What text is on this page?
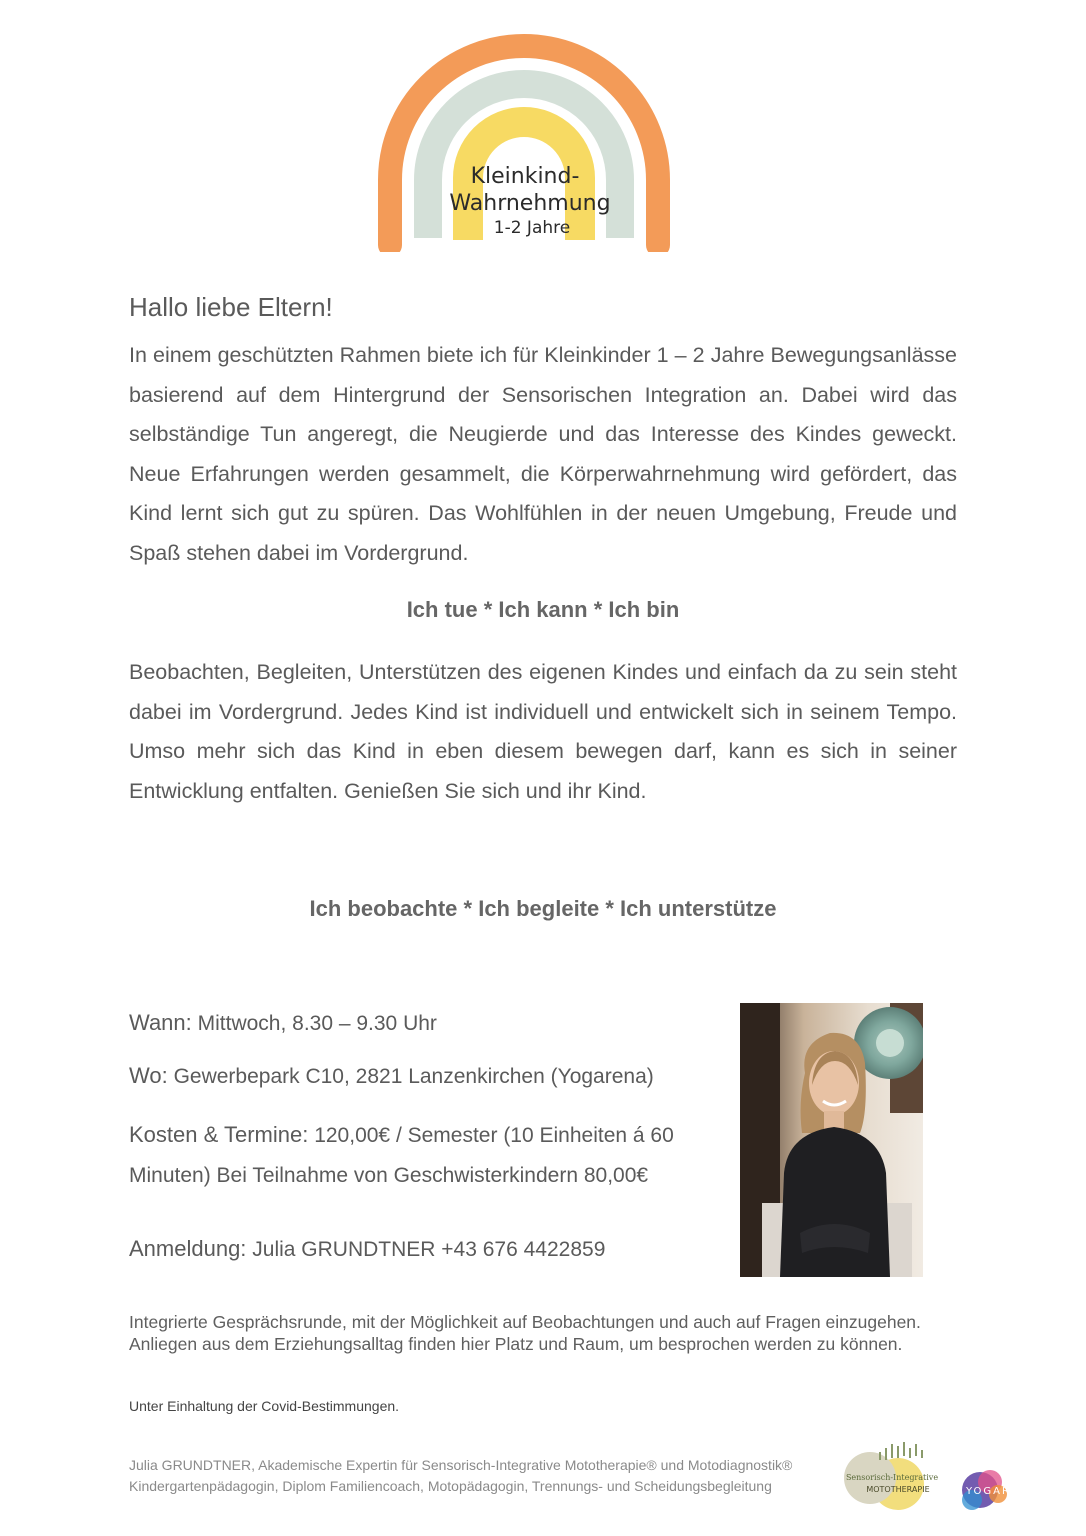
Kleinkind-
Wahrnehmung
1-2 Jahre
Hallo liebe Eltern!

In einem geschützten Rahmen biete ich für Kleinkinder 1 – 2 Jahre Bewegungsanlässe basierend auf dem Hintergrund der Sensorischen Integration an. Dabei wird das selbständige Tun angeregt, die Neugierde und das Interesse des Kindes geweckt. Neue Erfahrungen werden gesammelt, die Körperwahrnehmung wird gefördert, das Kind lernt sich gut zu spüren. Das Wohlfühlen in der neuen Umgebung, Freude und Spaß stehen dabei im Vordergrund.

Ich tue * Ich kann * Ich bin

Beobachten, Begleiten, Unterstützen des eigenen Kindes und einfach da zu sein steht dabei im Vordergrund. Jedes Kind ist individuell und entwickelt sich in seinem Tempo. Umso mehr sich das Kind in eben diesem bewegen darf, kann es sich in seiner Entwicklung entfalten. Genießen Sie sich und ihr Kind.

Ich beobachte * Ich begleite * Ich unterstütze
Wann: Mittwoch, 8.30 – 9.30 Uhr
Wo: Gewerbepark C10, 2821 Lanzenkirchen (Yogarena)
Kosten & Termine: 120,00€ / Semester (10 Einheiten á 60 Minuten) Bei Teilnahme von Geschwisterkindern 80,00€
Anmeldung: Julia GRUNDTNER +43 676 4422859
Integrierte Gesprächsrunde, mit der Möglichkeit auf Beobachtungen und auch auf Fragen einzugehen. Anliegen aus dem Erziehungsalltag finden hier Platz und Raum, um besprochen werden zu können.
Unter Einhaltung der Covid-Bestimmungen.
Julia GRUNDTNER, Akademische Expertin für Sensorisch-Integrative Mototherapie® und Motodiagnostik®
Kindergartenpädagogin, Diplom Familiencoach, Motopädagogin, Trennungs- und Scheidungsbegleitung
Sensorisch-Integrative
MOTOTHERAPIE	YOGARENA
